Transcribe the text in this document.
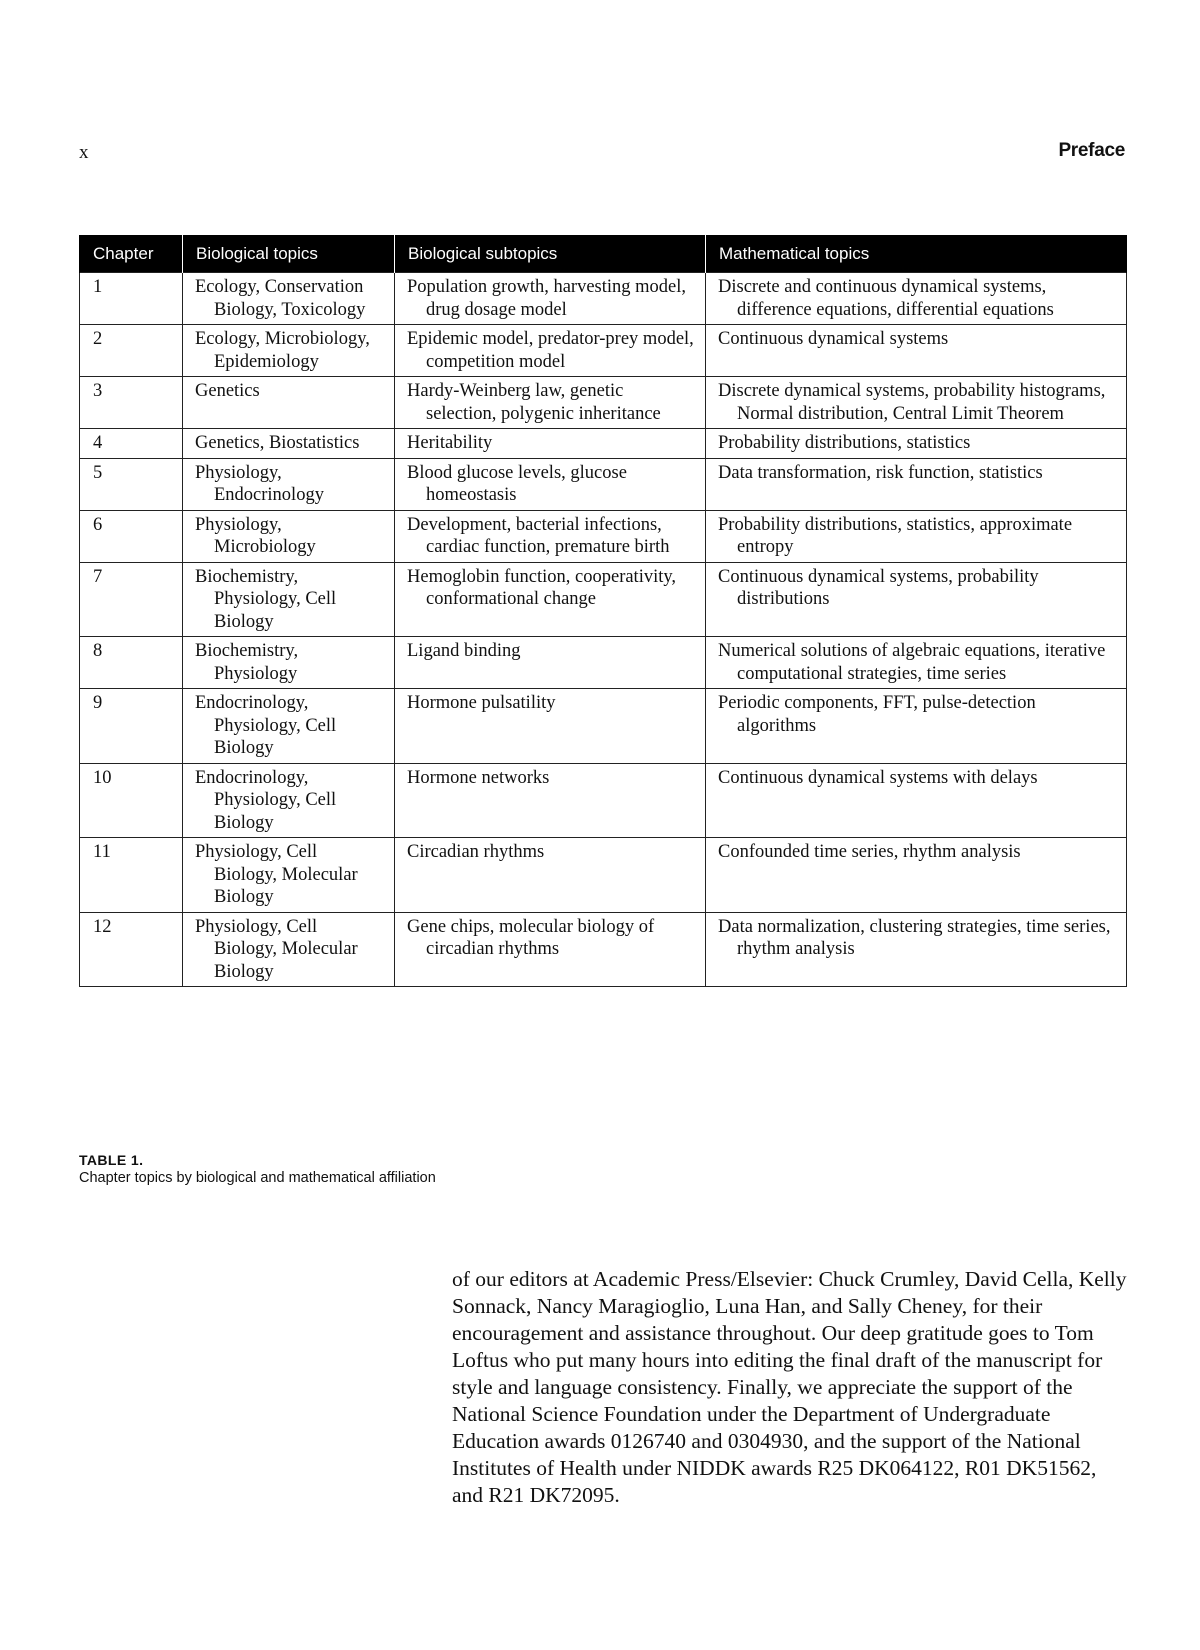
x	Preface
Chapter	Biological topics	Biological subtopics	Mathematical topics
1	Ecology, Conservation Biology, Toxicology	Population growth, harvesting model, drug dosage model	Discrete and continuous dynamical systems, difference equations, differential equations

2	Ecology, Microbiology, Epidemiology	Epidemic model, predator-prey model, competition model	Continuous dynamical systems

3	Genetics	Hardy-Weinberg law, genetic selection, polygenic inheritance	Discrete dynamical systems, probability histograms, Normal distribution, Central Limit Theorem

4	Genetics, Biostatistics	Heritability	Probability distributions, statistics

5	Physiology, Endocrinology	Blood glucose levels, glucose homeostasis	Data transformation, risk function, statistics

6	Physiology, Microbiology	Development, bacterial infections, cardiac function, premature birth	Probability distributions, statistics, approximate entropy

7	Biochemistry, Physiology, Cell Biology	Hemoglobin function, cooperativity, conformational change	Continuous dynamical systems, probability distributions

8	Biochemistry, Physiology	Ligand binding	Numerical solutions of algebraic equations, iterative computational strategies, time series

9	Endocrinology, Physiology, Cell Biology	Hormone pulsatility	Periodic components, FFT, pulse-detection algorithms

10	Endocrinology, Physiology, Cell Biology	Hormone networks	Continuous dynamical systems with delays

11	Physiology, Cell Biology, Molecular Biology	Circadian rhythms	Confounded time series, rhythm analysis

12	Physiology, Cell Biology, Molecular Biology	Gene chips, molecular biology of circadian rhythms	Data normalization, clustering strategies, time series, rhythm analysis
TABLE 1.
Chapter topics by biological and mathematical affiliation

of our editors at Academic Press/Elsevier: Chuck Crumley, David Cella, Kelly Sonnack, Nancy Maragioglio, Luna Han, and Sally Cheney, for their encouragement and assistance throughout. Our deep gratitude goes to Tom Loftus who put many hours into editing the final draft of the manuscript for style and language consistency. Finally, we appreciate the support of the National Science Foundation under the Department of Undergraduate Education awards 0126740 and 0304930, and the support of the National Institutes of Health under NIDDK awards R25 DK064122, R01 DK51562, and R21 DK72095.
